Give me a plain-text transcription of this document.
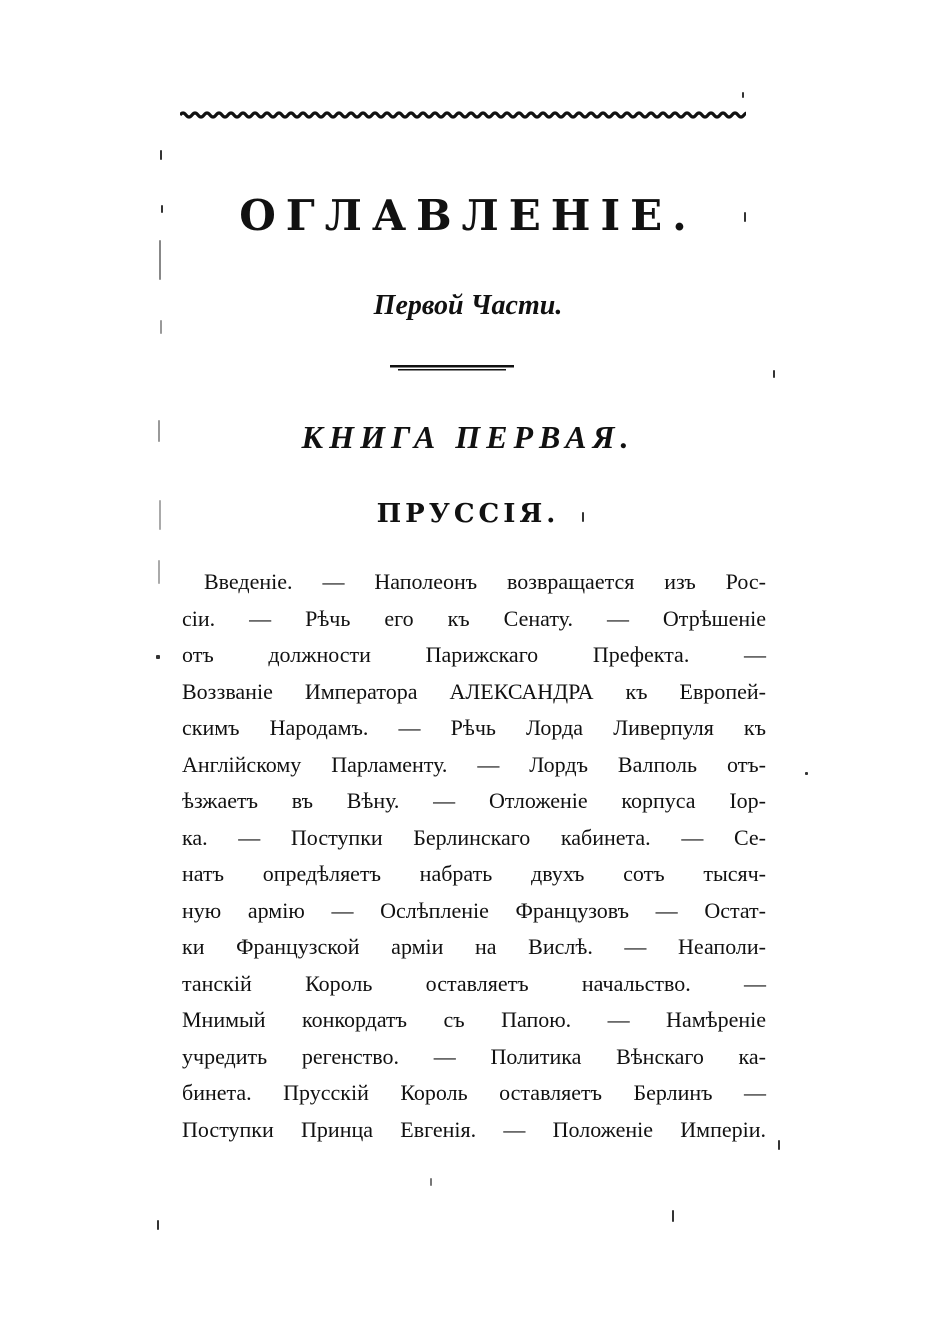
ОГЛАВЛЕНІЕ.
Первой Части.
КНИГА ПЕРВАЯ.
ПРУССІЯ.
Введеніе. — Наполеонъ возвращается изъ Рос-
сіи. — Рѣчь его къ Сенату. — Отрѣшеніе
отъ должности Парижскаго Префекта. —
Воззваніе Императора АЛЕКСАНДРА къ Европей-
скимъ Народамъ. — Рѣчь Лорда Ливерпуля къ
Англійскому Парламенту. — Лордъ Валполь отъ-
ѣзжаетъ въ Вѣну. — Отложеніе корпуса Іор-
ка. — Поступки Берлинскаго кабинета. — Се-
натъ опредѣляетъ набрать двухъ сотъ тысяч-
ную армію — Ослѣпленіе Французовъ — Остат-
ки Французской арміи на Вислѣ. — Неаполи-
танскій Король оставляетъ начальство. —
Мнимый конкордатъ съ Папою. — Намѣреніе
учредить регенство. — Политика Вѣнскаго ка-
бинета. Прусскій Король оставляетъ Берлинъ —
Поступки Принца Евгенія. — Положеніе Имперіи.
